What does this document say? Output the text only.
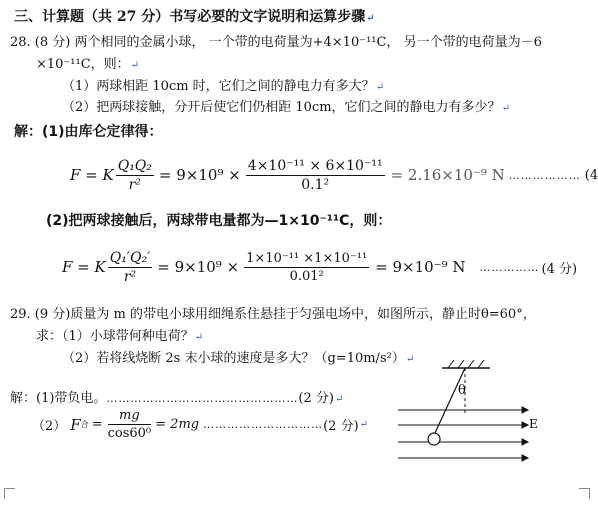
三、计算题（共 27 分）书写必要的文字说明和运算步骤↵
28. (8 分) 两个相同的金属小球， 一个带的电荷量为+4×10⁻¹¹C， 另一个带的电荷量为－6
×10⁻¹¹C，则：↵
（1）两球相距 10cm 时，它们之间的静电力有多大？↵
（2）把两球接触，分开后使它们仍相距 10cm，它们之间的静电力有多少？↵
解：(1)由库仑定律得：
F = K $\frac{\text{Q₁Q₂}}{\text{r²}} = 9\times 10^9 \times \frac{\text{4×10⁻¹¹ × 6×10⁻¹¹}}{\text{0.1²}} = 2.16\times 10^{-9}$ N ……………… (4
(2)把两球接触后，两球带电量都为—1×10⁻¹¹C，则：
F = K $\frac{\text{Q₁′Q₂′}}{\text{r²}} = 9\times 10^9 \times \frac{\text{1×10⁻¹¹ ×1×10⁻¹¹}}{\text{0.01²}} = 9\times 10^{-9}$ N …………… (4 分)
29. (9 分)质量为 m 的带电小球用细绳系住悬挂于匀强电场中，如图所示，静止时θ=60°，
求：（1）小球带何种电荷？↵
（2）若将线烧断 2s 末小球的速度是多大？（g=10m/s²）↵
解：(1)带负电。…………………………………………(2 分)↵
（2） F 合 = $\frac{mg}{\text{cos60⁰}} = 2mg$ ………………………… (2 分) ↵
θ
E
